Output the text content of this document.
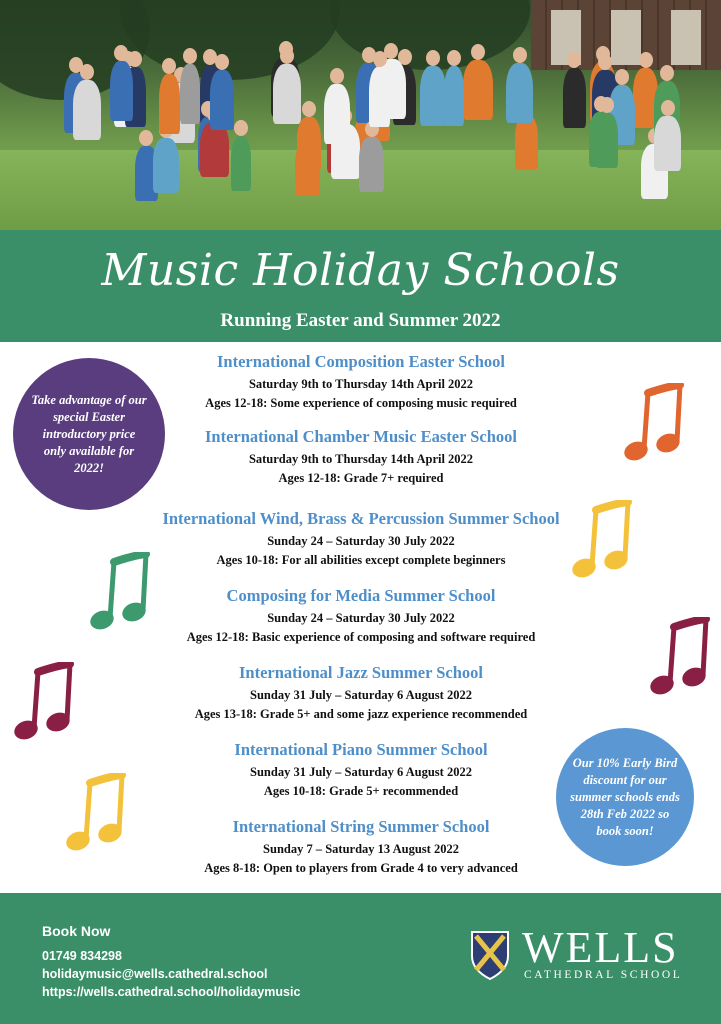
Music Holiday Schools
Running Easter and Summer 2022
Take advantage of our special Easter introductory price only available for 2022!
Our 10% Early Bird discount for our summer schools ends 28th Feb 2022 so book soon!
International Composition Easter School
Saturday 9th to Thursday 14th April 2022
Ages 12-18: Some experience of composing music required
International Chamber Music Easter School
Saturday 9th to Thursday 14th April 2022
Ages 12-18: Grade 7+ required
International Wind, Brass & Percussion Summer School
Sunday 24 – Saturday 30 July 2022
Ages 10-18: For all abilities except complete beginners
Composing for Media Summer School
Sunday 24 – Saturday 30 July 2022
Ages 12-18: Basic experience of composing and software required
International Jazz Summer School
Sunday 31 July – Saturday 6 August 2022
Ages 13-18: Grade 5+ and some jazz experience recommended
International Piano Summer School
Sunday 31 July – Saturday 6 August 2022
Ages 10-18: Grade 5+ recommended
International String Summer School
Sunday 7 – Saturday 13 August 2022
Ages 8-18: Open to players from Grade 4 to very advanced
Book Now
01749 834298
holidaymusic@wells.cathedral.school
https://wells.cathedral.school/holidaymusic
WELLS
CATHEDRAL SCHOOL
